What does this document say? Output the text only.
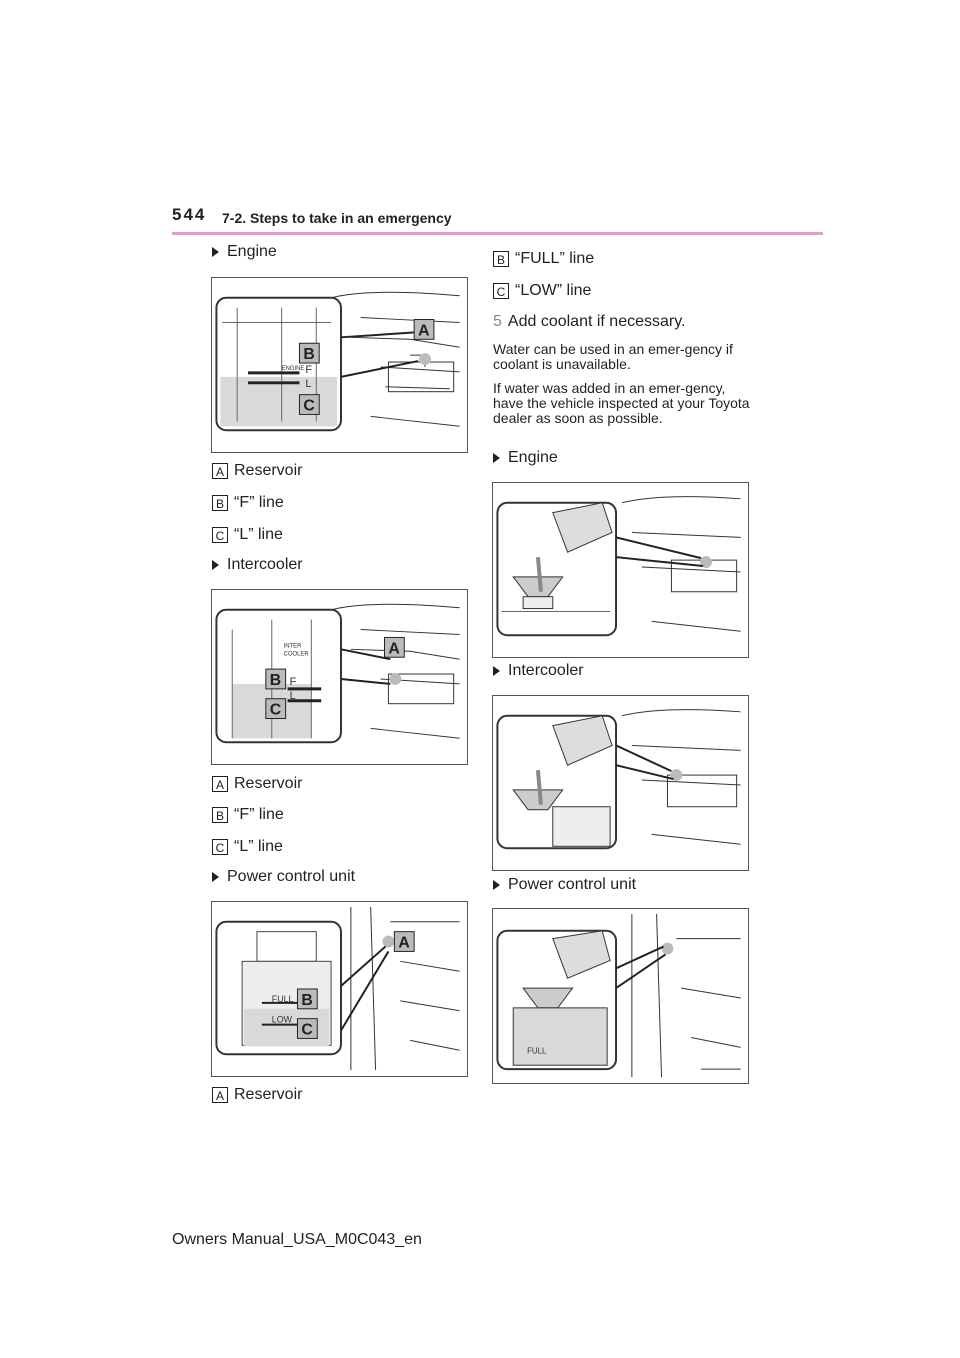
544 7-2. Steps to take in an emergency
Engine
ENGINE F
L
A
B
C
A Reservoir
B “F” line
C “L” line
Intercooler
INTER
COOLER
F
L
A
B
C
A Reservoir
B “F” line
C “L” line
Power control unit
FULL
LOW
A
B
C
A Reservoir
B “FULL” line
C “LOW” line
5 Add coolant if necessary.
Water can be used in an emer-gency if coolant is unavailable.
If water was added in an emer-gency, have the vehicle inspected at your Toyota dealer as soon as possible.
Engine
Intercooler
Power control unit
FULL
Owners Manual_USA_M0C043_en
